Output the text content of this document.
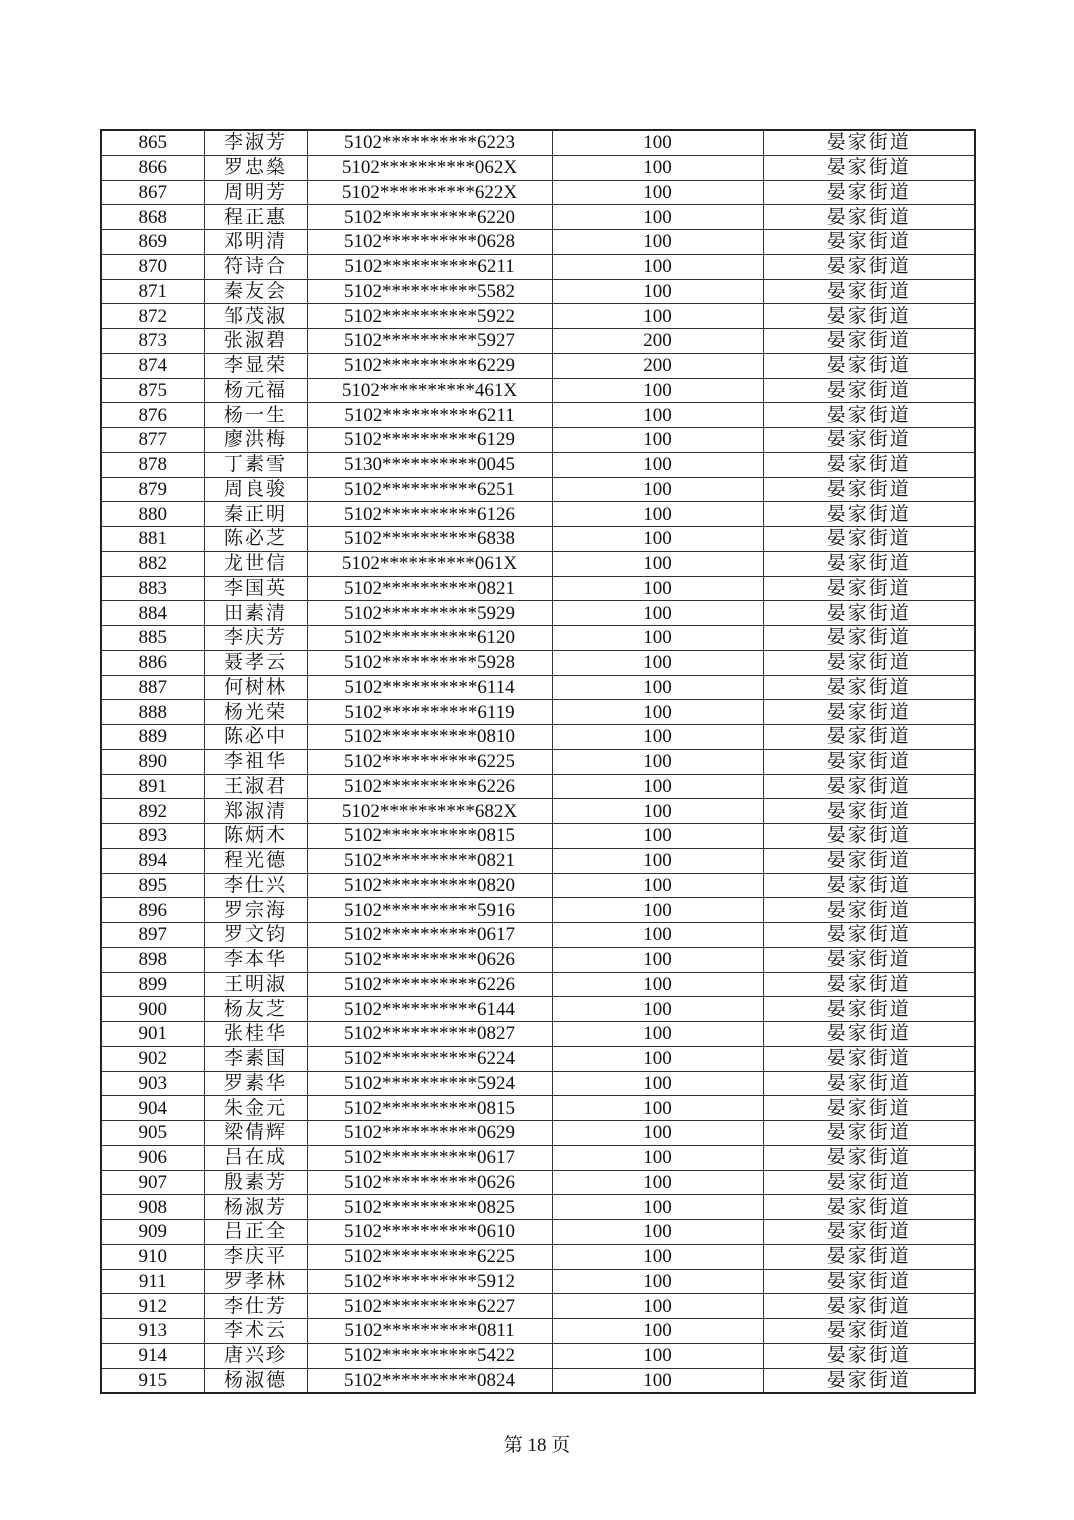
865	李淑芳	5102**********6223	100	晏家街道
866	罗忠燊	5102**********062X	100	晏家街道
867	周明芳	5102**********622X	100	晏家街道
868	程正惠	5102**********6220	100	晏家街道
869	邓明清	5102**********0628	100	晏家街道
870	符诗合	5102**********6211	100	晏家街道
871	秦友会	5102**********5582	100	晏家街道
872	邹茂淑	5102**********5922	100	晏家街道
873	张淑碧	5102**********5927	200	晏家街道
874	李显荣	5102**********6229	200	晏家街道
875	杨元福	5102**********461X	100	晏家街道
876	杨一生	5102**********6211	100	晏家街道
877	廖洪梅	5102**********6129	100	晏家街道
878	丁素雪	5130**********0045	100	晏家街道
879	周良骏	5102**********6251	100	晏家街道
880	秦正明	5102**********6126	100	晏家街道
881	陈必芝	5102**********6838	100	晏家街道
882	龙世信	5102**********061X	100	晏家街道
883	李国英	5102**********0821	100	晏家街道
884	田素清	5102**********5929	100	晏家街道
885	李庆芳	5102**********6120	100	晏家街道
886	聂孝云	5102**********5928	100	晏家街道
887	何树林	5102**********6114	100	晏家街道
888	杨光荣	5102**********6119	100	晏家街道
889	陈必中	5102**********0810	100	晏家街道
890	李祖华	5102**********6225	100	晏家街道
891	王淑君	5102**********6226	100	晏家街道
892	郑淑清	5102**********682X	100	晏家街道
893	陈炳木	5102**********0815	100	晏家街道
894	程光德	5102**********0821	100	晏家街道
895	李仕兴	5102**********0820	100	晏家街道
896	罗宗海	5102**********5916	100	晏家街道
897	罗文钧	5102**********0617	100	晏家街道
898	李本华	5102**********0626	100	晏家街道
899	王明淑	5102**********6226	100	晏家街道
900	杨友芝	5102**********6144	100	晏家街道
901	张桂华	5102**********0827	100	晏家街道
902	李素国	5102**********6224	100	晏家街道
903	罗素华	5102**********5924	100	晏家街道
904	朱金元	5102**********0815	100	晏家街道
905	梁倩辉	5102**********0629	100	晏家街道
906	吕在成	5102**********0617	100	晏家街道
907	殷素芳	5102**********0626	100	晏家街道
908	杨淑芳	5102**********0825	100	晏家街道
909	吕正全	5102**********0610	100	晏家街道
910	李庆平	5102**********6225	100	晏家街道
911	罗孝林	5102**********5912	100	晏家街道
912	李仕芳	5102**********6227	100	晏家街道
913	李术云	5102**********0811	100	晏家街道
914	唐兴珍	5102**********5422	100	晏家街道
915	杨淑德	5102**********0824	100	晏家街道
第 18 页
